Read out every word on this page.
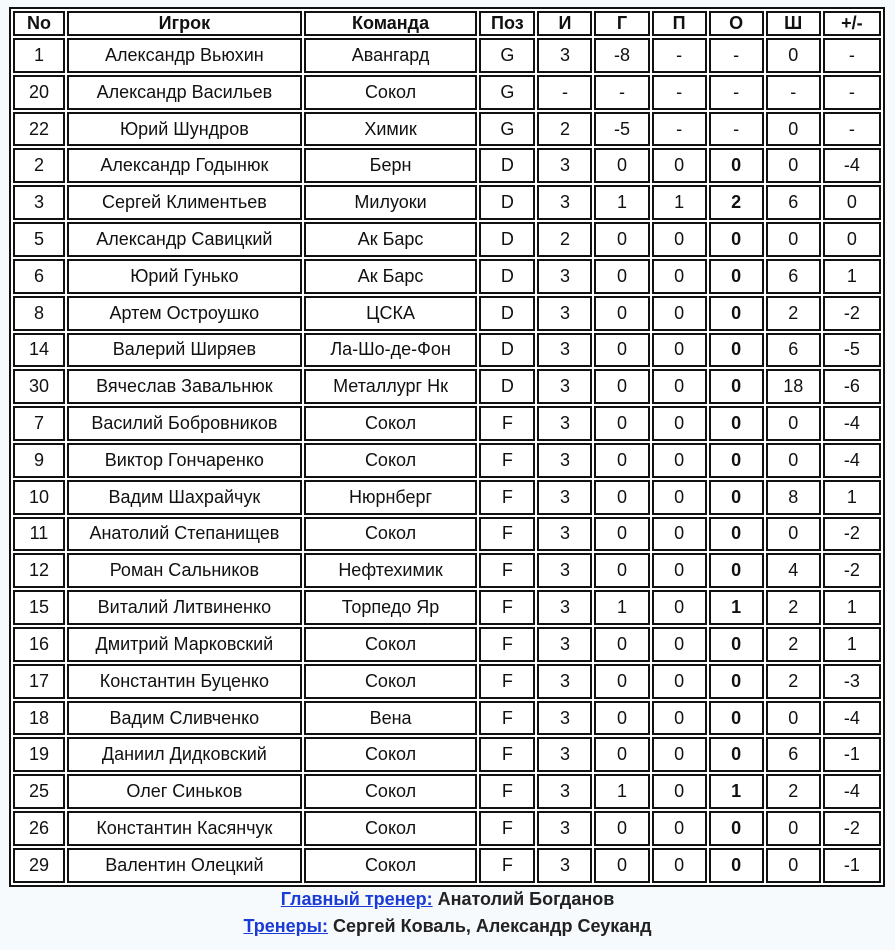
No	Игрок	Команда	Поз	И	Г	П	О	Ш	+/-
1	Александр Вьюхин	Авангард	G	3	-8	-	-	0	-
20	Александр Васильев	Сокол	G	-	-	-	-	-	-
22	Юрий Шундров	Химик	G	2	-5	-	-	0	-
2	Александр Годынюк	Берн	D	3	0	0	0	0	-4
3	Сергей Климентьев	Милуоки	D	3	1	1	2	6	0
5	Александр Савицкий	Ак Барс	D	2	0	0	0	0	0
6	Юрий Гунько	Ак Барс	D	3	0	0	0	6	1
8	Артем Остроушко	ЦСКА	D	3	0	0	0	2	-2
14	Валерий Ширяев	Ла-Шо-де-Фон	D	3	0	0	0	6	-5
30	Вячеслав Завальнюк	Металлург Нк	D	3	0	0	0	18	-6
7	Василий Бобровников	Сокол	F	3	0	0	0	0	-4
9	Виктор Гончаренко	Сокол	F	3	0	0	0	0	-4
10	Вадим Шахрайчук	Нюрнберг	F	3	0	0	0	8	1
11	Анатолий Степанищев	Сокол	F	3	0	0	0	0	-2
12	Роман Сальников	Нефтехимик	F	3	0	0	0	4	-2
15	Виталий Литвиненко	Торпедо Яр	F	3	1	0	1	2	1
16	Дмитрий Марковский	Сокол	F	3	0	0	0	2	1
17	Константин Буценко	Сокол	F	3	0	0	0	2	-3
18	Вадим Сливченко	Вена	F	3	0	0	0	0	-4
19	Даниил Дидковский	Сокол	F	3	0	0	0	6	-1
25	Олег Синьков	Сокол	F	3	1	0	1	2	-4
26	Константин Касянчук	Сокол	F	3	0	0	0	0	-2
29	Валентин Олецкий	Сокол	F	3	0	0	0	0	-1
Главный тренер: Анатолий Богданов
Тренеры: Сергей Коваль, Александр Сеуканд
